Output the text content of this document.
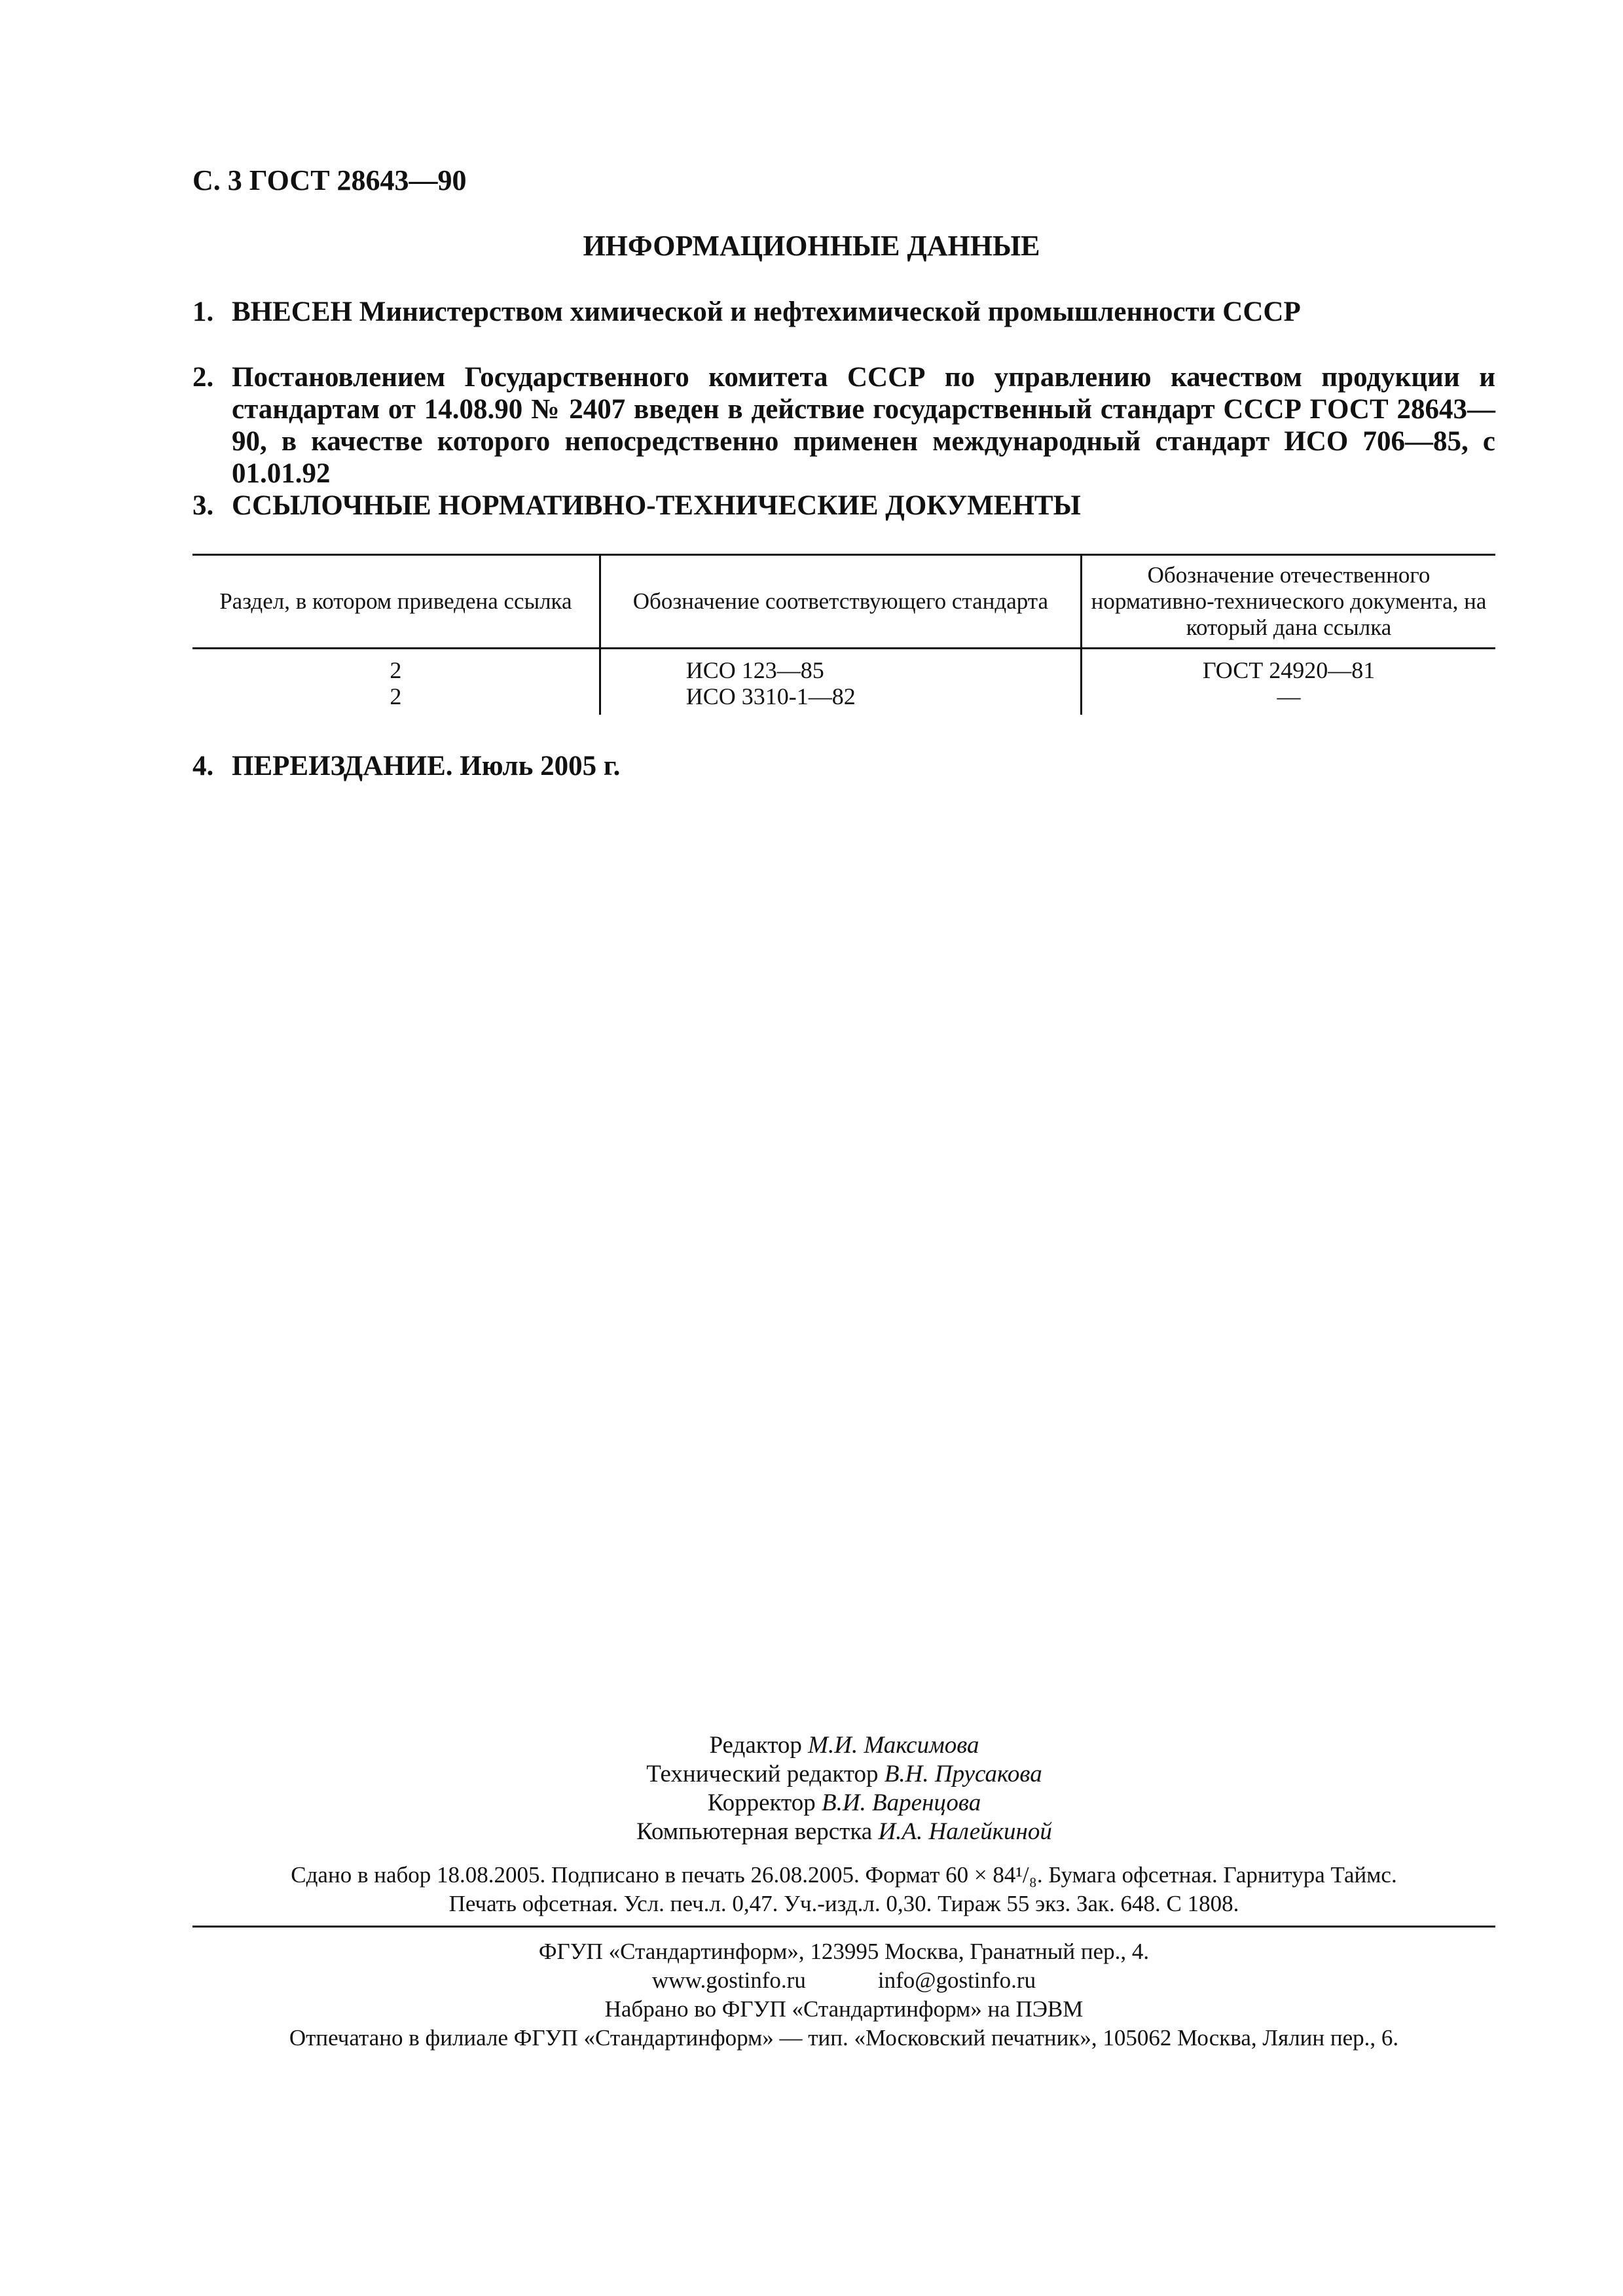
С. 3 ГОСТ 28643—90
ИНФОРМАЦИОННЫЕ ДАННЫЕ
1. ВНЕСЕН Министерством химической и нефтехимической промышленности СССР
2. Постановлением Государственного комитета СССР по управлению качеством продукции и стандартам от 14.08.90 № 2407 введен в действие государственный стандарт СССР ГОСТ 28643—90, в качестве которого непосредственно применен международный стандарт ИСО 706—85, с 01.01.92
3. ССЫЛОЧНЫЕ НОРМАТИВНО-ТЕХНИЧЕСКИЕ ДОКУМЕНТЫ
Раздел, в котором приведена ссылка	Обозначение соответствующего стандарта	Обозначение отечественного нормативно-технического документа, на который дана ссылка
2	ИСО 123—85	ГОСТ 24920—81
2	ИСО 3310-1—82	—
4. ПЕРЕИЗДАНИЕ. Июль 2005 г.
Редактор М.И. Максимова
Технический редактор В.Н. Прусакова
Корректор В.И. Варенцова
Компьютерная верстка И.А. Налейкиной
Сдано в набор 18.08.2005. Подписано в печать 26.08.2005. Формат 60 × 84¹/₈. Бумага офсетная. Гарнитура Таймс.
Печать офсетная. Усл. печ.л. 0,47. Уч.-изд.л. 0,30. Тираж 55 экз. Зак. 648. С 1808.
ФГУП «Стандартинформ», 123995 Москва, Гранатный пер., 4.
www.gostinfo.ru	info@gostinfo.ru
Набрано во ФГУП «Стандартинформ» на ПЭВМ
Отпечатано в филиале ФГУП «Стандартинформ» — тип. «Московский печатник», 105062 Москва, Лялин пер., 6.
